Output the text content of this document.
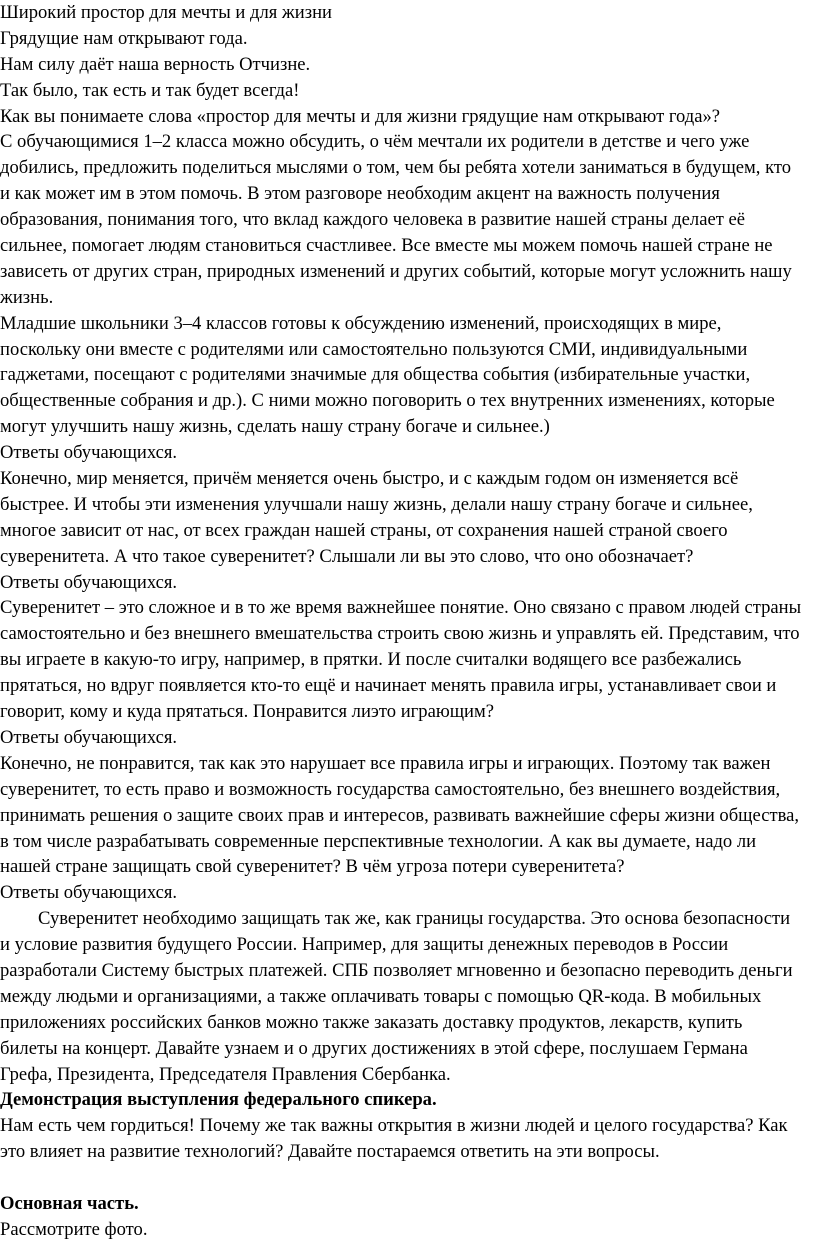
Широкий простор для мечты и для жизни
Грядущие нам открывают года.
Нам силу даёт наша верность Отчизне.
Так было, так есть и так будет всегда!
Как вы понимаете слова «простор для мечты и для жизни грядущие нам открывают года»?
С обучающимися 1–2 класса можно обсудить, о чём мечтали их родители в детстве и чего уже
добились, предложить поделиться мыслями о том, чем бы ребята хотели заниматься в будущем, кто
и как может им в этом помочь. В этом разговоре необходим акцент на важность получения
образования, понимания того, что вклад каждого человека в развитие нашей страны делает её
сильнее, помогает людям становиться счастливее. Все вместе мы можем помочь нашей стране не
зависеть от других стран, природных изменений и других событий, которые могут усложнить нашу
жизнь.
Младшие школьники 3–4 классов готовы к обсуждению изменений, происходящих в мире,
поскольку они вместе с родителями или самостоятельно пользуются СМИ, индивидуальными
гаджетами, посещают с родителями значимые для общества события (избирательные участки,
общественные собрания и др.). С ними можно поговорить о тех внутренних изменениях, которые
могут улучшить нашу жизнь, сделать нашу страну богаче и сильнее.)
Ответы обучающихся.
Конечно, мир меняется, причём меняется очень быстро, и с каждым годом он изменяется всё
быстрее. И чтобы эти изменения улучшали нашу жизнь, делали нашу страну богаче и сильнее,
многое зависит от нас, от всех граждан нашей страны, от сохранения нашей страной своего
суверенитета. А что такое суверенитет? Слышали ли вы это слово, что оно обозначает?
Ответы обучающихся.
Суверенитет – это сложное и в то же время важнейшее понятие. Оно связано с правом людей страны
самостоятельно и без внешнего вмешательства строить свою жизнь и управлять ей. Представим, что
вы играете в какую-то игру, например, в прятки. И после считалки водящего все разбежались
прятаться, но вдруг появляется кто-то ещё и начинает менять правила игры, устанавливает свои и
говорит, кому и куда прятаться. Понравится лиэто играющим?
Ответы обучающихся.
Конечно, не понравится, так как это нарушает все правила игры и играющих. Поэтому так важен
суверенитет, то есть право и возможность государства самостоятельно, без внешнего воздействия,
принимать решения о защите своих прав и интересов, развивать важнейшие сферы жизни общества,
в том числе разрабатывать современные перспективные технологии. А как вы думаете, надо ли
нашей стране защищать свой суверенитет? В чём угроза потери суверенитета?
Ответы обучающихся.
Суверенитет необходимо защищать так же, как границы государства. Это основа безопасности
и условие развития будущего России. Например, для защиты денежных переводов в России
разработали Систему быстрых платежей. СПБ позволяет мгновенно и безопасно переводить деньги
между людьми и организациями, а также оплачивать товары с помощью QR-кода. В мобильных
приложениях российских банков можно также заказать доставку продуктов, лекарств, купить
билеты на концерт. Давайте узнаем и о других достижениях в этой сфере, послушаем Германа
Грефа, Президента, Председателя Правления Сбербанка.
Демонстрация выступления федерального спикера.
Нам есть чем гордиться! Почему же так важны открытия в жизни людей и целого государства? Как
это влияет на развитие технологий? Давайте постараемся ответить на эти вопросы.
Основная часть.
Рассмотрите фото.
